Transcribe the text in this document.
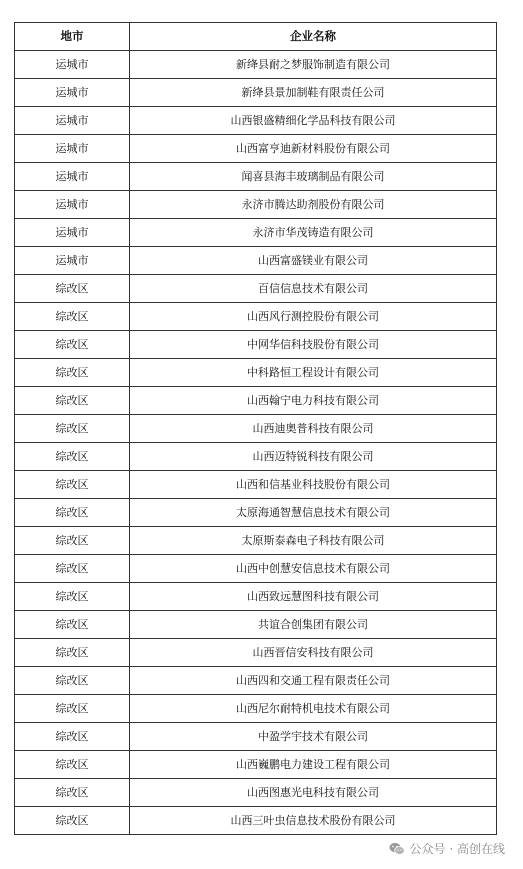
地市	企业名称
运城市	新绛县耐之梦服饰制造有限公司
运城市	新绛县景加制鞋有限责任公司
运城市	山西银盛精细化学品科技有限公司
运城市	山西富亨迪新材料股份有限公司
运城市	闻喜县海丰玻璃制品有限公司
运城市	永济市腾达助剂股份有限公司
运城市	永济市华茂铸造有限公司
运城市	山西富盛镁业有限公司
综改区	百信信息技术有限公司
综改区	山西风行测控股份有限公司
综改区	中网华信科技股份有限公司
综改区	中科路恒工程设计有限公司
综改区	山西翰宁电力科技有限公司
综改区	山西迪奥普科技有限公司
综改区	山西迈特锐科技有限公司
综改区	山西和信基业科技股份有限公司
综改区	太原海通智慧信息技术有限公司
综改区	太原斯泰森电子科技有限公司
综改区	山西中创慧安信息技术有限公司
综改区	山西致远慧图科技有限公司
综改区	共谊合创集团有限公司
综改区	山西晋信安科技有限公司
综改区	山西四和交通工程有限责任公司
综改区	山西尼尔耐特机电技术有限公司
综改区	中盈学宇技术有限公司
综改区	山西巍鹏电力建设工程有限公司
综改区	山西图惠光电科技有限公司
综改区	山西三叶虫信息技术股份有限公司
公众号 · 高创在线
